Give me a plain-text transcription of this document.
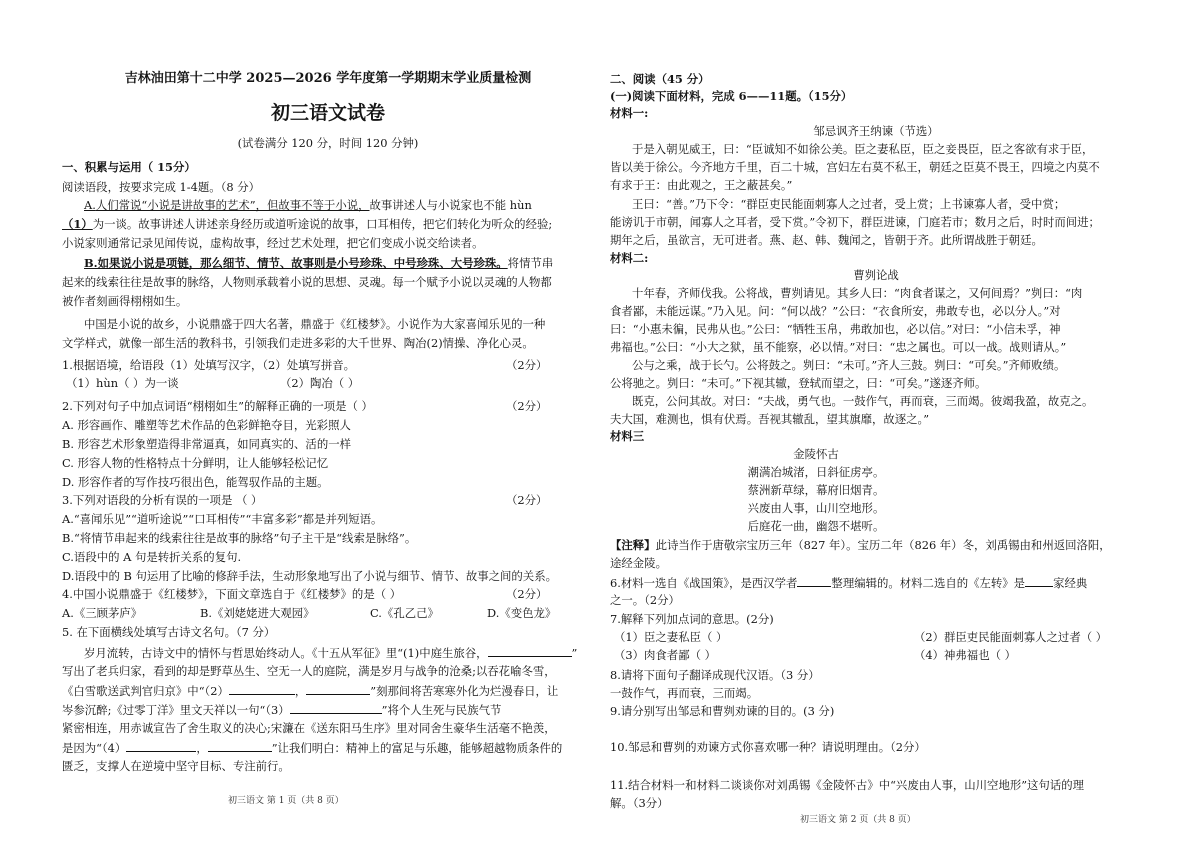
吉林油田第十二中学 2025—2026 学年度第一学期期末学业质量检测
初三语文试卷
(试卷满分 120 分，时间 120 分钟)
一、积累与运用（ 15分）
阅读语段，按要求完成 1-4题。（8 分）
A.人们常说“小说是讲故事的艺术”，但故事不等于小说，故事讲述人与小说家也不能 hùn
（1）为一谈。故事讲述人讲述亲身经历或道听途说的故事，口耳相传，把它们转化为听众的经验;
小说家则通常记录见闻传说，虚构故事，经过艺术处理，把它们变成小说交给读者。
B.如果说小说是项链，那么细节、情节、故事则是小号珍珠、中号珍珠、大号珍珠。将情节串
起来的线索往往是故事的脉络，人物则承载着小说的思想、灵魂。每一个赋予小说以灵魂的人物都
被作者刻画得栩栩如生。
中国是小说的故乡，小说鼎盛于四大名著，鼎盛于《红楼梦》。小说作为大家喜闻乐见的一种
文学样式，就像一部生活的教科书，引领我们走进多彩的大千世界、陶冶(2)情操、净化心灵。
1.根据语境，给语段（1）处填写汉字，（2）处填写拼音。	（2分）
（1）hùn（ ）为一谈	（2）陶冶（ ）
2.下列对句子中加点词语“栩栩如生”的解释正确的一项是（ ）	（2分）
A. 形容画作、雕塑等艺术作品的色彩鲜艳夺目，光彩照人
B. 形容艺术形象塑造得非常逼真，如同真实的、活的一样
C. 形容人物的性格特点十分鲜明，让人能够轻松记忆
D. 形容作者的写作技巧很出色，能驾驭作品的主题。
3.下列对语段的分析有误的一项是 （ ）	（2分）
A.“喜闻乐见”“道听途说”“口耳相传”“丰富多彩”都是并列短语。
B.“将情节串起来的线索往往是故事的脉络”句子主干是“线索是脉络”。
C.语段中的 A 句是转折关系的复句.
D.语段中的 B 句运用了比喻的修辞手法，生动形象地写出了小说与细节、情节、故事之间的关系。
4.中国小说鼎盛于《红楼梦》，下面文章选自于《红楼梦》的是（ ）	（2分）
A.《三顾茅庐》	B.《刘姥姥进大观园》	C.《孔乙己》	D.《变色龙》
5. 在下面横线处填写古诗文名句。（7 分）
岁月流转，古诗文中的情怀与哲思始终动人。《十五从军征》里“(1)中庭生旅谷，	”
写出了老兵归家，看到的却是野草丛生、空无一人的庭院，满是岁月与战争的沧桑;以吞花喻冬雪，
《白雪歌送武判官归京》中“（2）	，	”刻那间将苦寒寒外化为烂漫春日，让
岑参沉醉;《过零丁洋》里文天祥以一句“（3）	”将个人生死与民族气节
紧密相连，用赤诚宣告了舍生取义的决心;宋濂在《送东阳马生序》里对同舍生豪华生活毫不艳羡，
是因为“（4）	，	”让我们明白：精神上的富足与乐趣，能够超越物质条件的
匮乏，支撑人在逆境中坚守目标、专注前行。
初三语文 第 1 页（共 8 页）
二、阅读（45 分）
(一)阅读下面材料，完成 6——11题。（15分）
材料一:
邹忌讽齐王纳谏（节选）
于是入朝见威王，曰：“臣诚知不如徐公美。臣之妻私臣，臣之妾畏臣，臣之客欲有求于臣，
皆以美于徐公。今齐地方千里，百二十城，宫妇左右莫不私王，朝廷之臣莫不畏王，四境之内莫不
有求于王：由此观之，王之蔽甚矣。”
王曰：“善。”乃下令：“群臣吏民能面刺寡人之过者，受上赏；上书谏寡人者，受中赏；
能谤讥于市朝，闻寡人之耳者，受下赏。”令初下，群臣进谏，门庭若市；数月之后，时时而间进；
期年之后，虽欲言，无可进者。燕、赵、韩、魏闻之，皆朝于齐。此所谓战胜于朝廷。
材料二:
曹刿论战
十年春，齐师伐我。公将战，曹刿请见。其乡人曰：“肉食者谋之，又何间焉？”刿曰：“肉
食者鄙，未能远谋。”乃入见。问：“何以战？”公曰：“衣食所安，弗敢专也，必以分人。”对
曰：“小惠未徧，民弗从也。”公曰：“牺牲玉帛，弗敢加也，必以信。”对曰：“小信未孚，神
弗福也。”公曰：“小大之狱，虽不能察，必以情。”对曰：“忠之属也。可以一战。战则请从。”
公与之乘，战于长勺。公将鼓之。刿曰：“未可。”齐人三鼓。刿曰：“可矣。”齐师败绩。
公将驰之。刿曰：“未可。”下视其辙，登轼而望之，曰：“可矣。”遂逐齐师。
既克，公问其故。对曰：“夫战，勇气也。一鼓作气，再而衰，三而竭。彼竭我盈，故克之。
夫大国，难测也，惧有伏焉。吾视其辙乱，望其旗靡，故逐之。”
材料三
金陵怀古
潮满冶城渚，日斜征虏亭。
蔡洲新草绿，幕府旧烟青。
兴废由人事，山川空地形。
后庭花一曲，幽怨不堪听。
【注释】此诗当作于唐敬宗宝历三年（827 年）。宝历二年（826 年）冬，刘禹锡由和州返回洛阳，
途经金陵。
6.材料一选自《战国策》，是西汉学者	整理编辑的。材料二选自的《左转》是 家经典
之一。（2分）
7.解释下列加点词的意思。(2分)
（1）臣之妻私臣（ ）	（2）群臣吏民能面刺寡人之过者（ ）
（3）肉食者鄙（ ）	（4）神弗福也（ ）
8.请将下面句子翻译成现代汉语。（3 分）
一鼓作气，再而衰，三而竭。
9.请分别写出邹忌和曹刿劝谏的目的。(3 分)
10.邹忌和曹刿的劝谏方式你喜欢哪一种？请说明理由。（2分）
11.结合材料一和材料二谈谈你对刘禹锡《金陵怀古》中“兴废由人事，山川空地形”这句话的理
解。（3分）
初三语文 第 2 页（共 8 页）
